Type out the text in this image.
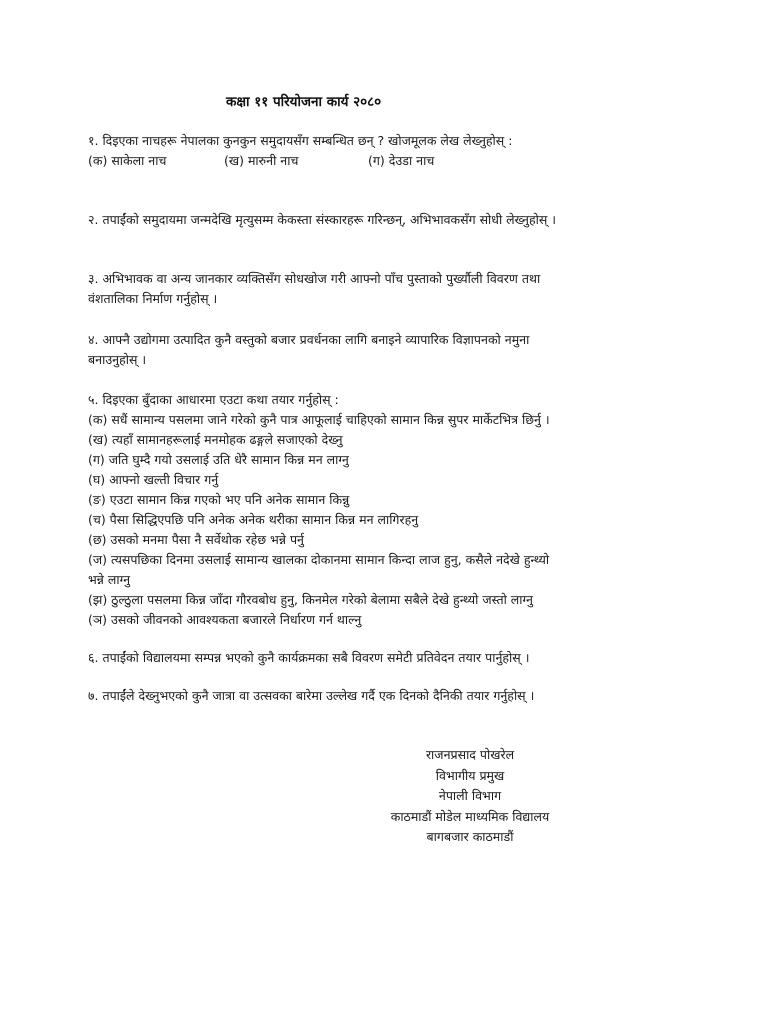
कक्षा ११ परियोजना कार्य २०८०
१. दिइएका नाचहरू नेपालका कुनकुन समुदायसँग सम्बन्धित छन् ? खोजमूलक लेख लेख्नुहोस् :
(क) साकेला नाच	(ख) मारुनी नाच	(ग) देउडा नाच
२. तपाईंको समुदायमा जन्मदेखि मृत्युसम्म केकस्ता संस्कारहरू गरिन्छन्, अभिभावकसँग सोधी लेख्नुहोस् ।
३. अभिभावक वा अन्य जानकार व्यक्तिसँग सोधखोज गरी आफ्नो पाँच पुस्ताको पुर्ख्यौली विवरण तथा
वंशतालिका निर्माण गर्नुहोस् ।
४. आफ्नै उद्योगमा उत्पादित कुनै वस्तुको बजार प्रवर्धनका लागि बनाइने व्यापारिक विज्ञापनको नमुना
बनाउनुहोस् ।
५. दिइएका बुँदाका आधारमा एउटा कथा तयार गर्नुहोस् :
(क) सधैं सामान्य पसलमा जाने गरेको कुनै पात्र आफूलाई चाहिएको सामान किन्न सुपर मार्केटभित्र छिर्नु ।
(ख) त्यहाँ सामानहरूलाई मनमोहक ढङ्गले सजाएको देख्नु
(ग) जति घुम्दै गयो उसलाई उति धेरै सामान किन्न मन लाग्नु
(घ) आफ्नो खल्ती विचार गर्नु
(ङ) एउटा सामान किन्न गएको भए पनि अनेक सामान किन्नु
(च) पैसा सिद्धिएपछि पनि अनेक अनेक थरीका सामान किन्न मन लागिरहनु
(छ) उसको मनमा पैसा नै सर्वेथोक रहेछ भन्ने पर्नु
(ज) त्यसपछिका दिनमा उसलाई सामान्य खालका दोकानमा सामान किन्दा लाज हुनु, कसैले नदेखे हुन्थ्यो
भन्ने लाग्नु
(झ) ठुल्ठुला पसलमा किन्न जाँदा गौरवबोध हुनु, किनमेल गरेको बेलामा सबैले देखे हुन्थ्यो जस्तो लाग्नु
(ञ) उसको जीवनको आवश्यकता बजारले निर्धारण गर्न थाल्नु
६. तपाईंको विद्यालयमा सम्पन्न भएको कुनै कार्यक्रमका सबै विवरण समेटी प्रतिवेदन तयार पार्नुहोस् ।
७. तपाईंले देख्नुभएको कुनै जात्रा वा उत्सवका बारेमा उल्लेख गर्दै एक दिनको दैनिकी तयार गर्नुहोस् ।
राजनप्रसाद पोखरेल
विभागीय प्रमुख
नेपाली विभाग
काठमाडौं मोडेल माध्यमिक विद्यालय
बागबजार काठमाडौं
